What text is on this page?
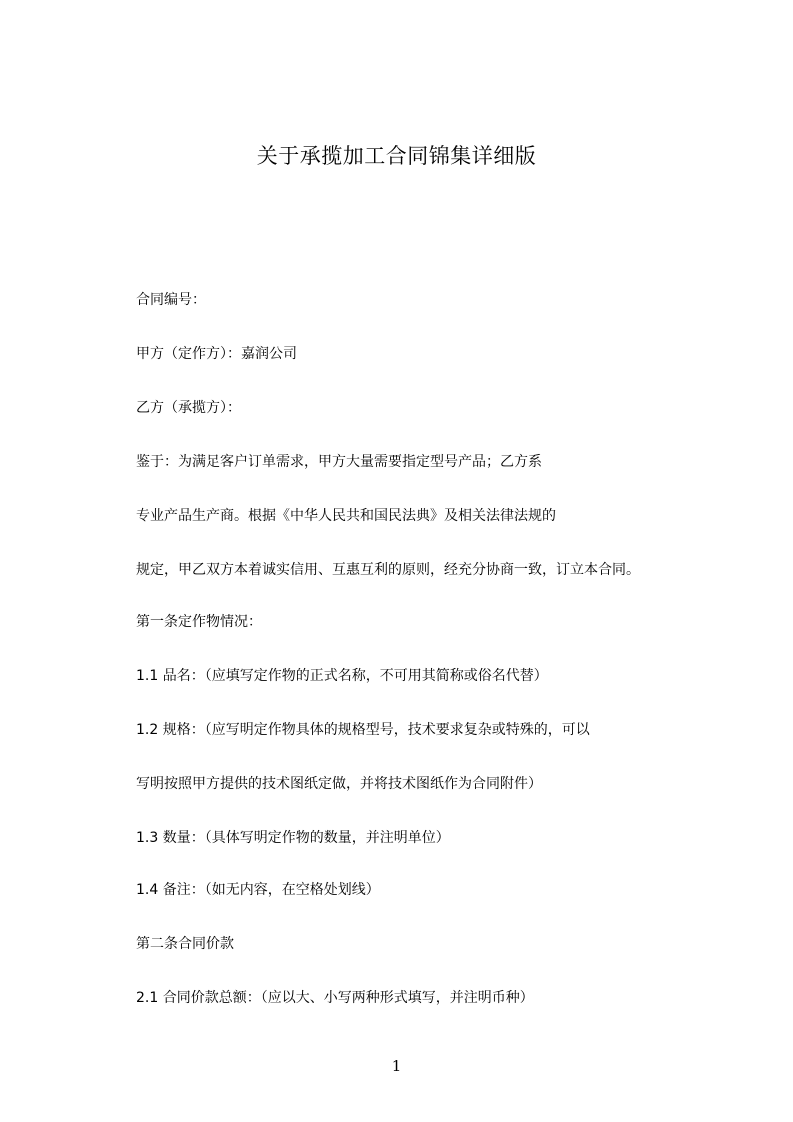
关于承揽加工合同锦集详细版
合同编号：
甲方（定作方）：嘉润公司
乙方（承揽方）：
鉴于：为满足客户订单需求，甲方大量需要指定型号产品；乙方系
专业产品生产商。根据《中华人民共和国民法典》及相关法律法规的
规定，甲乙双方本着诚实信用、互惠互利的原则，经充分协商一致，订立本合同。
第一条定作物情况：
1.1 品名：（应填写定作物的正式名称，不可用其简称或俗名代替）
1.2 规格：（应写明定作物具体的规格型号，技术要求复杂或特殊的，可以
写明按照甲方提供的技术图纸定做，并将技术图纸作为合同附件）
1.3 数量：（具体写明定作物的数量，并注明单位）
1.4 备注：（如无内容，在空格处划线）
第二条合同价款
2.1 合同价款总额：（应以大、小写两种形式填写，并注明币种）
1
